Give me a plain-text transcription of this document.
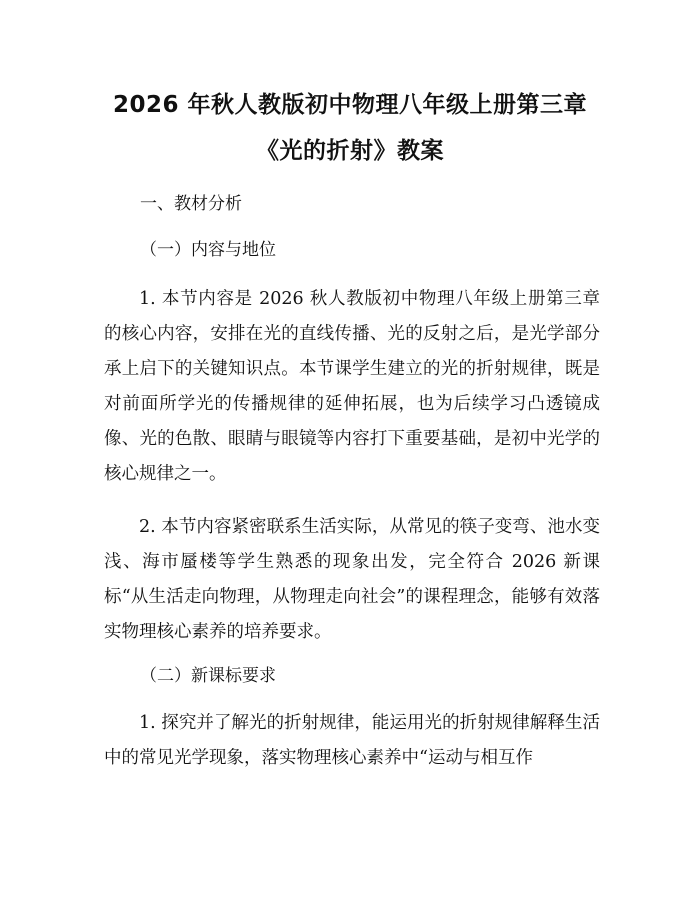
2026 年秋人教版初中物理八年级上册第三章
《光的折射》教案
一、教材分析
（一）内容与地位
1. 本节内容是 2026 秋人教版初中物理八年级上册第三章的核心内容，安排在光的直线传播、光的反射之后，是光学部分承上启下的关键知识点。本节课学生建立的光的折射规律，既是对前面所学光的传播规律的延伸拓展，也为后续学习凸透镜成像、光的色散、眼睛与眼镜等内容打下重要基础，是初中光学的核心规律之一。
2. 本节内容紧密联系生活实际，从常见的筷子变弯、池水变浅、海市蜃楼等学生熟悉的现象出发，完全符合 2026 新课标“从生活走向物理，从物理走向社会”的课程理念，能够有效落实物理核心素养的培养要求。
（二）新课标要求
1. 探究并了解光的折射规律，能运用光的折射规律解释生活中的常见光学现象，落实物理核心素养中“运动与相互作
